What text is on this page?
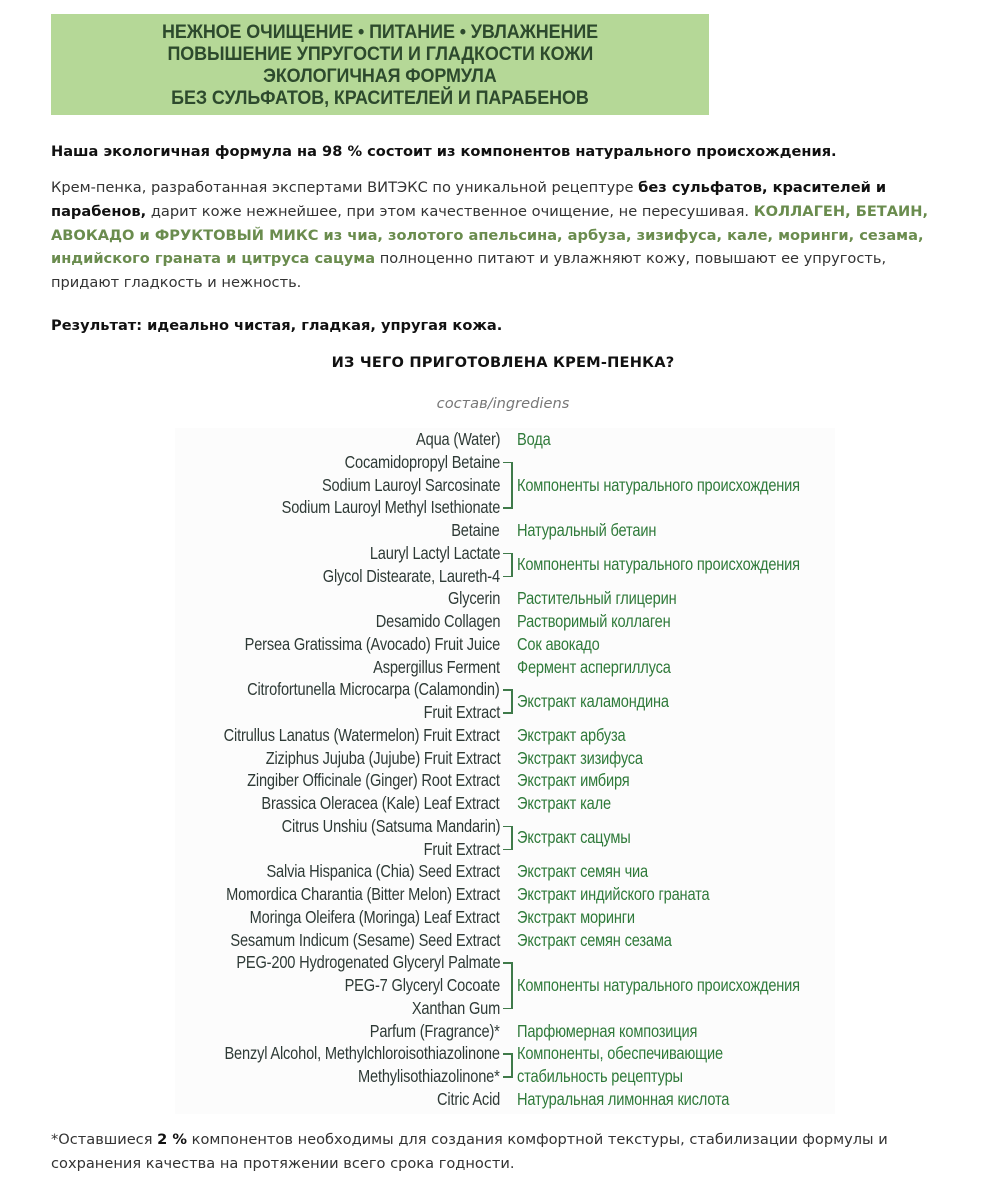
НЕЖНОЕ ОЧИЩЕНИЕ • ПИТАНИЕ • УВЛАЖНЕНИЕ
ПОВЫШЕНИЕ УПРУГОСТИ И ГЛАДКОСТИ КОЖИ
ЭКОЛОГИЧНАЯ ФОРМУЛА
БЕЗ СУЛЬФАТОВ, КРАСИТЕЛЕЙ И ПАРАБЕНОВ

Наша экологичная формула на 98 % состоит из компонентов натурального происхождения.

Крем-пенка, разработанная экспертами ВИТЭКС по уникальной рецептуре без сульфатов, красителей и парабенов, дарит коже нежнейшее, при этом качественное очищение, не пересушивая. КОЛЛАГЕН, БЕТАИН, АВОКАДО и ФРУКТОВЫЙ МИКС из чиа, золотого апельсина, арбуза, зизифуса, кале, моринги, сезама, индийского граната и цитруса сацума полноценно питают и увлажняют кожу, повышают ее упругость, придают гладкость и нежность.

Результат: идеально чистая, гладкая, упругая кожа.

ИЗ ЧЕГО ПРИГОТОВЛЕНА КРЕМ-ПЕНКА?
состав/ingrediens
Aqua (Water)
Cocamidopropyl Betaine
Sodium Lauroyl Sarcosinate
Sodium Lauroyl Methyl Isethionate
Betaine
Lauryl Lactyl Lactate
Glycol Distearate, Laureth-4
Glycerin
Desamido Collagen
Persea Gratissima (Avocado) Fruit Juice
Aspergillus Ferment
Citrofortunella Microcarpa (Calamondin)
Fruit Extract
Citrullus Lanatus (Watermelon) Fruit Extract
Ziziphus Jujuba (Jujube) Fruit Extract
Zingiber Officinale (Ginger) Root Extract
Brassica Oleracea (Kale) Leaf Extract
Citrus Unshiu (Satsuma Mandarin)
Fruit Extract
Salvia Hispanica (Chia) Seed Extract
Momordica Charantia (Bitter Melon) Extract
Moringa Oleifera (Moringa) Leaf Extract
Sesamum Indicum (Sesame) Seed Extract
PEG-200 Hydrogenated Glyceryl Palmate
PEG-7 Glyceryl Cocoate
Xanthan Gum
Parfum (Fragrance)*
Benzyl Alcohol, Methylchloroisothiazolinone
Methylisothiazolinone*
Citric Acid
Вода
Компоненты натурального происхождения
Натуральный бетаин
Компоненты натурального происхождения
Растительный глицерин
Растворимый коллаген
Сок авокадо
Фермент аспергиллуса
Экстракт каламондина
Экстракт арбуза
Экстракт зизифуса
Экстракт имбиря
Экстракт кале
Экстракт сацумы
Экстракт семян чиа
Экстракт индийского граната
Экстракт моринги
Экстракт семян сезама
Компоненты натурального происхождения
Парфюмерная композиция
Компоненты, обеспечивающие
стабильность рецептуры
Натуральная лимонная кислота

*Оставшиеся 2 % компонентов необходимы для создания комфортной текстуры, стабилизации формулы и сохранения качества на протяжении всего срока годности.
